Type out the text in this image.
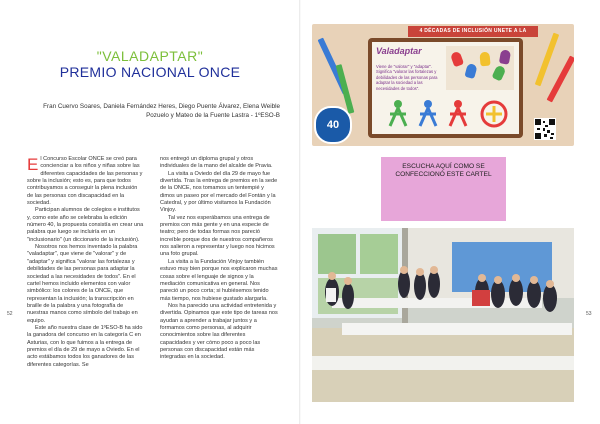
"VALADAPTAR"
PREMIO NACIONAL ONCE
Fran Cuervo Soares, Daniela Fernández Heres, Diego Puente Álvarez, Elena Weible
Pozuelo y Mateo de la Fuente Lastra - 1ºESO-B

El Concurso Escolar ONCE se creó para concienciar a los niños y niñas sobre las diferentes capacidades de las personas y sobre la inclusión; esto es, para que todos contribuyamos a conseguir la plena inclusión de las personas con discapacidad en la sociedad.

Participan alumnos de colegios e institutos y, como este año se celebraba la edición número 40, la propuesta consistía en crear una palabra que luego se incluiría en un "inclusionario" (un diccionario de la inclusión).

Nosotros nos hemos inventado la palabra "valadaptar", que viene de "valorar" y de "adaptar" y significa "valorar las fortalezas y debilidades de las personas para adaptar la sociedad a las necesidades de todos". En el cartel hemos incluido elementos con valor simbólico: los colores de la ONCE, que representan la inclusión; la transcripción en braille de la palabra y una fotografía de nuestras manos como símbolo del trabajo en equipo.

Este año nuestra clase de 1ºESO-B ha sido la ganadora del concurso en la categoría C en Asturias, con lo que fuimos a la entrega de premios el día de 29 de mayo a Oviedo. En el acto estábamos todos los ganadores de las diferentes categorías. Se

nos entregó un diploma grupal y otros individuales de la mano del alcalde de Pravia.

La visita a Oviedo del día 29 de mayo fue divertida. Tras la entrega de premios en la sede de la ONCE, nos tomamos un tentempié y dimos un paseo por el mercado del Fontán y la Catedral, y por último visitamos la Fundación Vinjoy.

Tal vez nos esperábamos una entrega de premios con más gente y en una especie de teatro; pero de todas formas nos pareció increíble porque dos de nuestros compañeros nos salieron a representar y luego nos hicimos una foto grupal.

La visita a la Fundación Vinjoy también estuvo muy bien porque nos explicaron muchas cosas sobre el lenguaje de signos y la mediación comunicativa en general. Nos pareció un poco corta; si hubiésemos tenido más tiempo, nos hubiese gustado alargarla.

Nos ha parecido una actividad entretenida y divertida. Opinamos que este tipo de tareas nos ayudan a aprender a trabajar juntos y a formamos como personas, al adquirir conocimientos sobre las diferentes capacidades y ver cómo poco a poco las personas con discapacidad están más integradas en la sociedad.

52	53
4 DÉCADAS DE INCLUSIÓN UNETE A LA
Valadaptar
Viene de "valorar" y "adaptar". Significa "valorar las fortalezas y debilidades de las personas para adaptar la sociedad a las necesidades de todos".
40
ESCUCHA AQUÍ COMO SE
CONFECCIONÓ ESTE CARTEL
